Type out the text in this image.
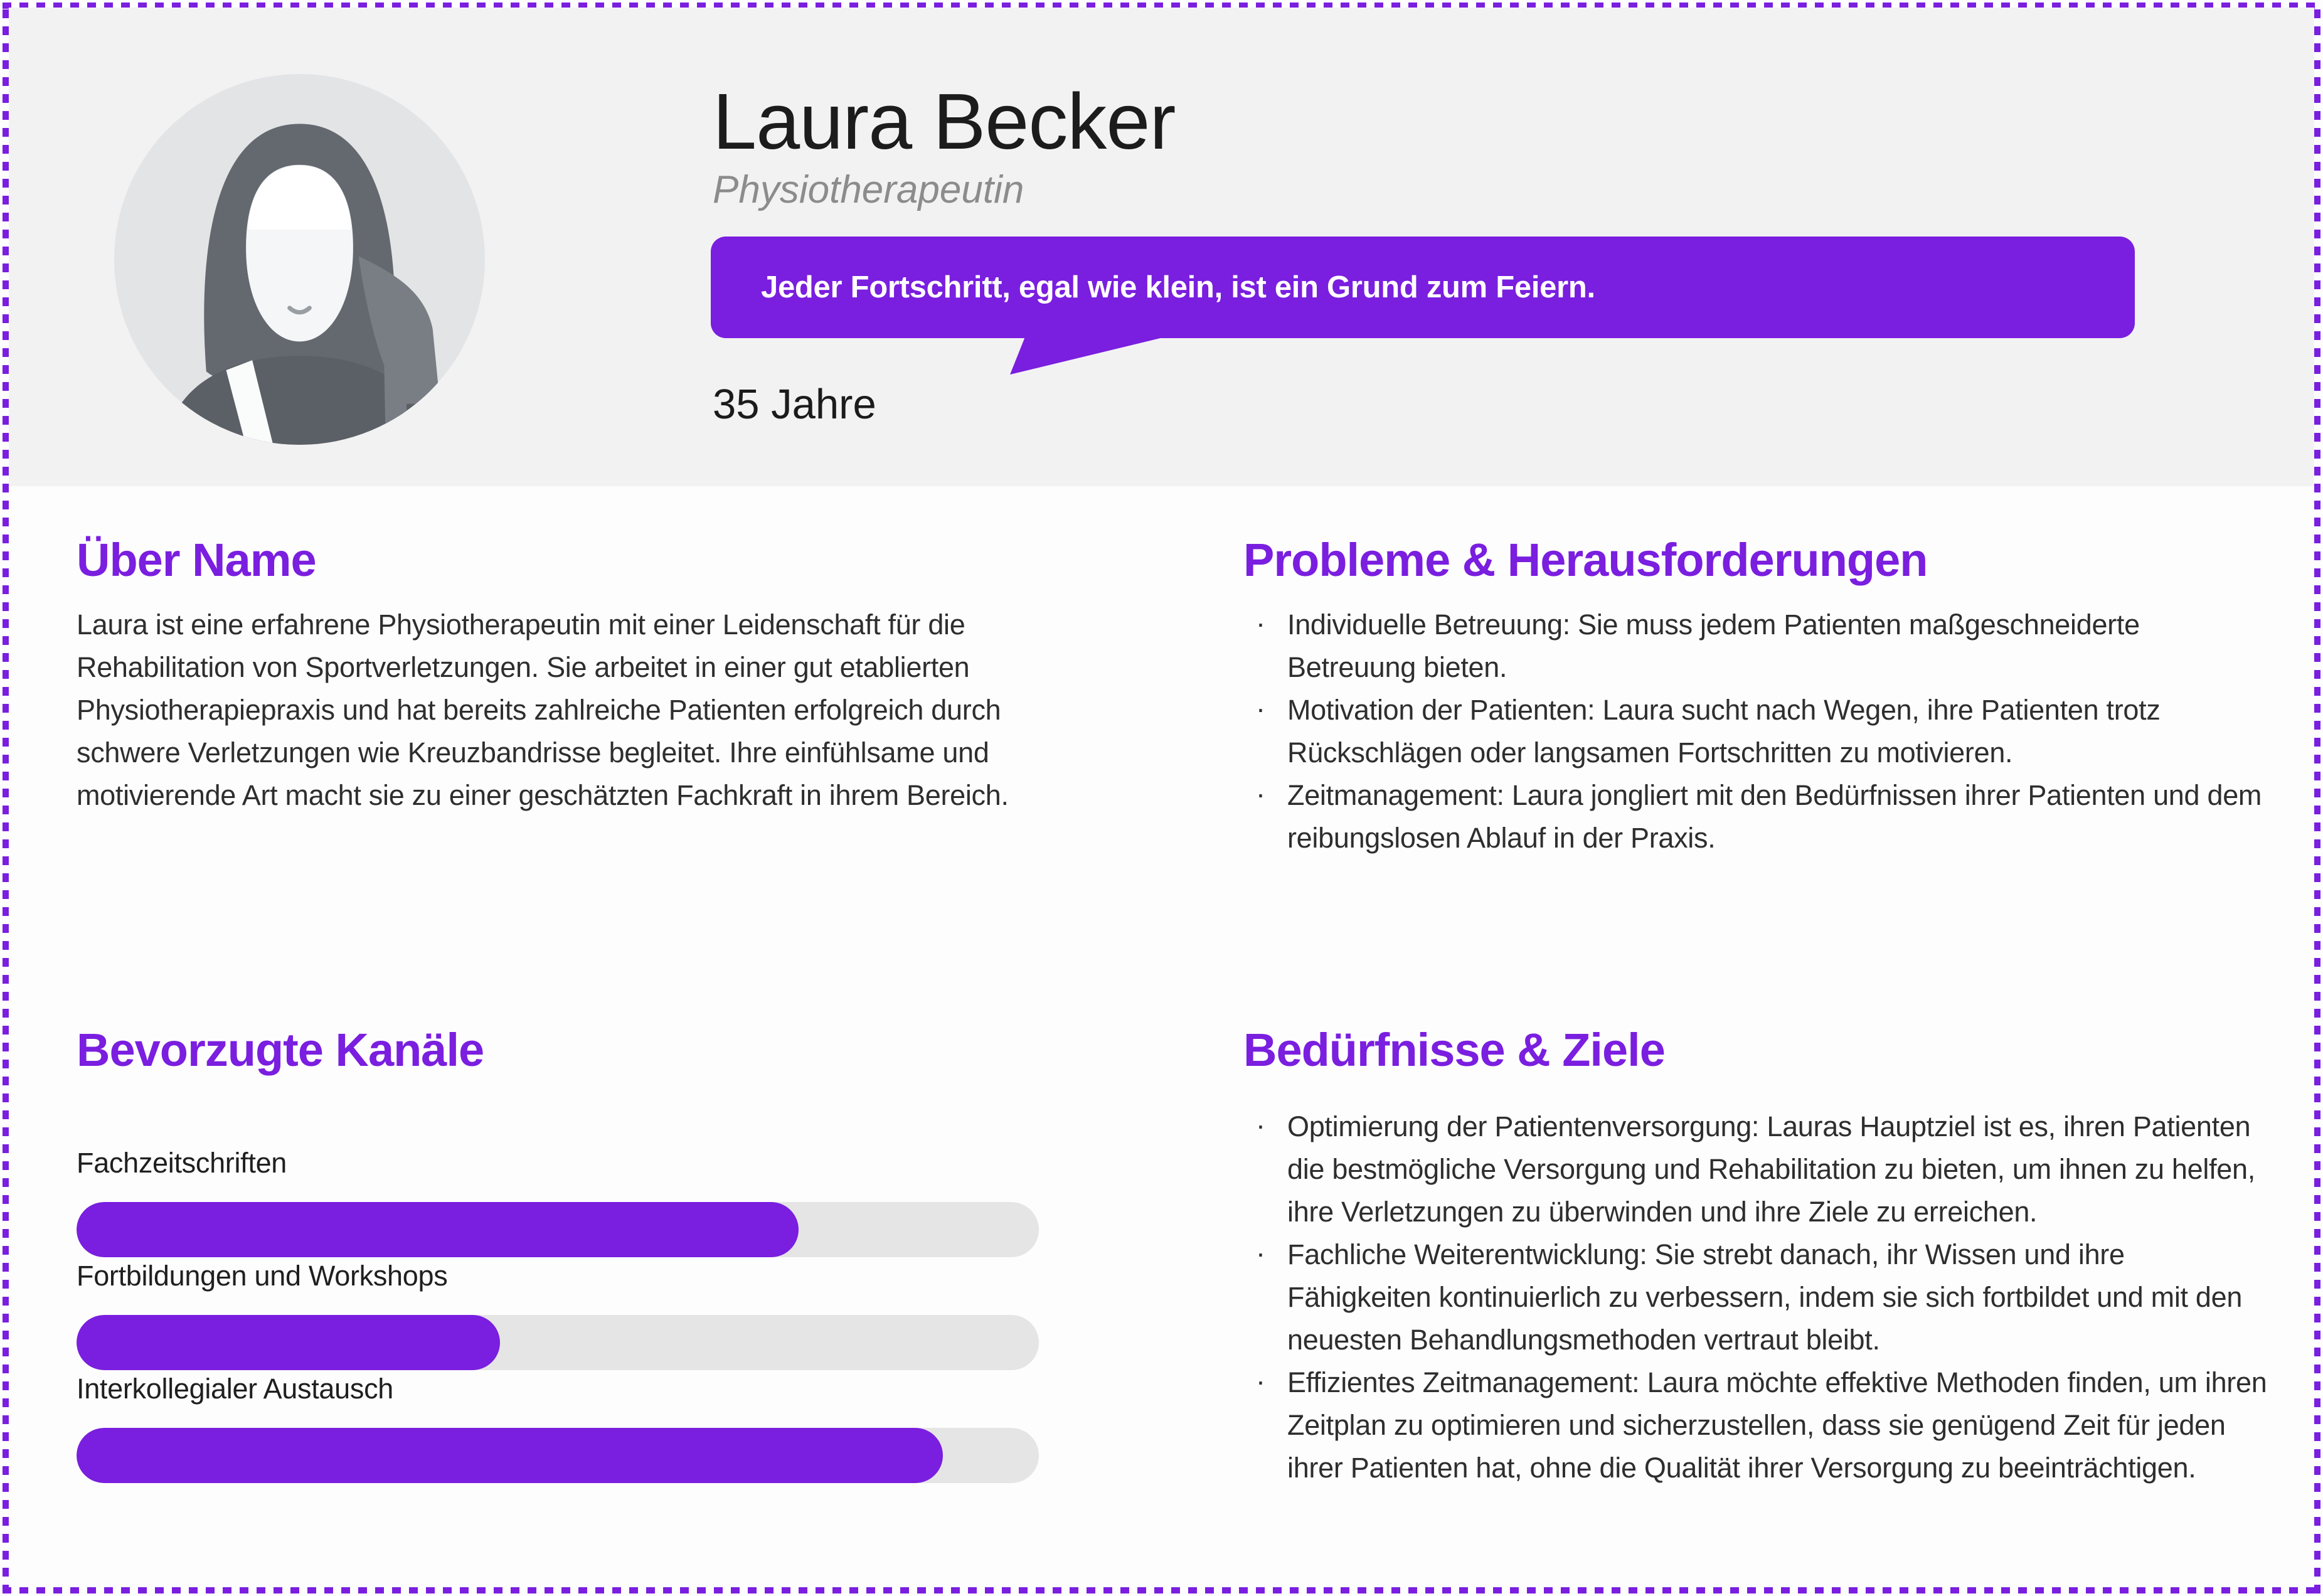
Laura Becker
Physiotherapeutin
Jeder Fortschritt, egal wie klein, ist ein Grund zum Feiern.
35 Jahre
Über Name
Laura ist eine erfahrene Physiotherapeutin mit einer Leidenschaft für die Rehabilitation von Sportverletzungen. Sie arbeitet in einer gut etablierten Physiotherapiepraxis und hat bereits zahlreiche Patienten erfolgreich durch schwere Verletzungen wie Kreuzbandrisse begleitet. Ihre einfühlsame und motivierende Art macht sie zu einer geschätzten Fachkraft in ihrem Bereich.
Probleme & Herausforderungen
· Individuelle Betreuung: Sie muss jedem Patienten maßgeschneiderte Betreuung bieten.
· Motivation der Patienten: Laura sucht nach Wegen, ihre Patienten trotz Rückschlägen oder langsamen Fortschritten zu motivieren.
· Zeitmanagement: Laura jongliert mit den Bedürfnissen ihrer Patienten und dem reibungslosen Ablauf in der Praxis.
Bevorzugte Kanäle
Fachzeitschriften
Fortbildungen und Workshops
Interkollegialer Austausch
Bedürfnisse & Ziele
· Optimierung der Patientenversorgung: Lauras Hauptziel ist es, ihren Patienten die bestmögliche Versorgung und Rehabilitation zu bieten, um ihnen zu helfen, ihre Verletzungen zu überwinden und ihre Ziele zu erreichen.
· Fachliche Weiterentwicklung: Sie strebt danach, ihr Wissen und ihre Fähigkeiten kontinuierlich zu verbessern, indem sie sich fortbildet und mit den neuesten Behandlungsmethoden vertraut bleibt.
· Effizientes Zeitmanagement: Laura möchte effektive Methoden finden, um ihren Zeitplan zu optimieren und sicherzustellen, dass sie genügend Zeit für jeden ihrer Patienten hat, ohne die Qualität ihrer Versorgung zu beeinträchtigen.
